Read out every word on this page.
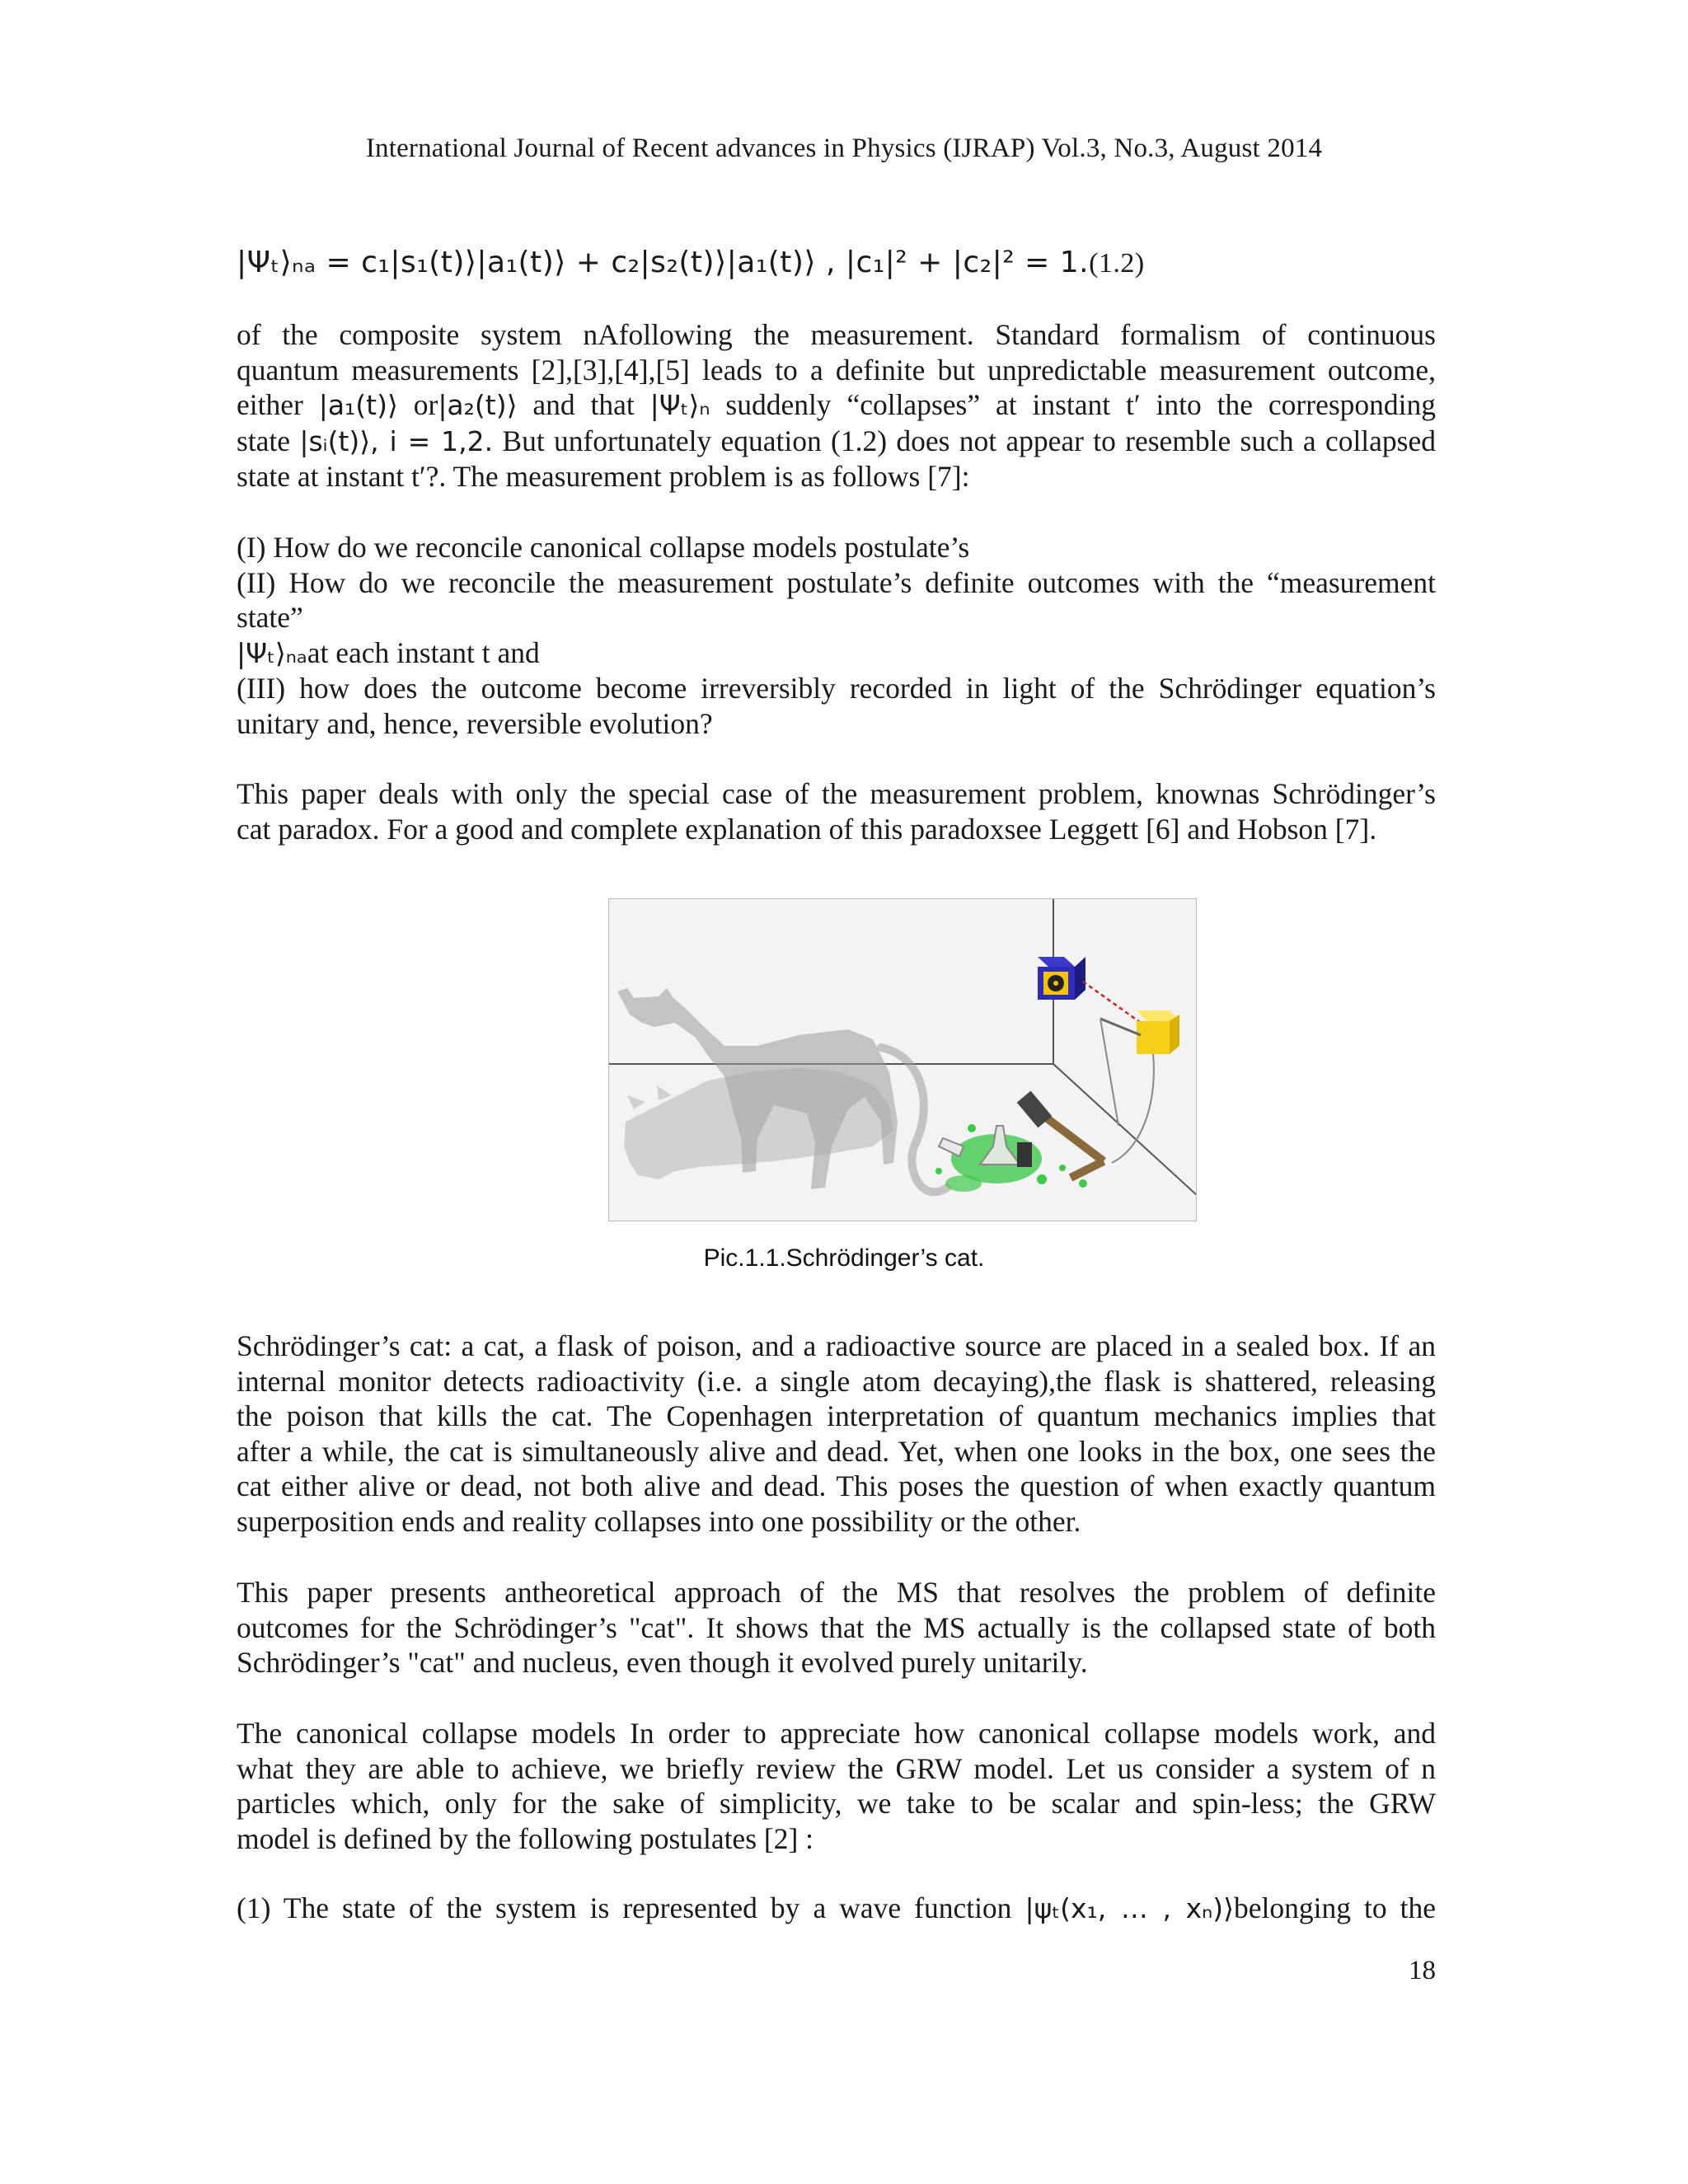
International Journal of Recent advances in Physics (IJRAP) Vol.3, No.3, August 2014
|Ψₜ⟩ₙₐ = c₁|s₁(t)⟩|a₁(t)⟩ + c₂|s₂(t)⟩|a₁(t)⟩ , |c₁|² + |c₂|² = 1.(1.2)
of the composite system nAfollowing the measurement. Standard formalism of continuous
quantum measurements [2],[3],[4],[5] leads to a definite but unpredictable measurement outcome,
either |a₁(t)⟩ or|a₂(t)⟩ and that |Ψₜ⟩ₙ suddenly “collapses” at instant t′ into the corresponding
state |sᵢ(t)⟩, i = 1,2. But unfortunately equation (1.2) does not appear to resemble such a collapsed
state at instant t′?. The measurement problem is as follows [7]:
(I) How do we reconcile canonical collapse models postulate’s
(II) How do we reconcile the measurement postulate’s definite outcomes with the “measurement
state”
|Ψₜ⟩ₙₐat each instant t and
(III) how does the outcome become irreversibly recorded in light of the Schrödinger equation’s
unitary and, hence, reversible evolution?
This paper deals with only the special case of the measurement problem, knownas Schrödinger’s
cat paradox. For a good and complete explanation of this paradoxsee Leggett [6] and Hobson [7].
Pic.1.1.Schrödinger’s cat.
Schrödinger’s cat: a cat, a flask of poison, and a radioactive source are placed in a sealed box. If an
internal monitor detects radioactivity (i.e. a single atom decaying),the flask is shattered, releasing
the poison that kills the cat. The Copenhagen interpretation of quantum mechanics implies that
after a while, the cat is simultaneously alive and dead. Yet, when one looks in the box, one sees the
cat either alive or dead, not both alive and dead. This poses the question of when exactly quantum
superposition ends and reality collapses into one possibility or the other.
This paper presents antheoretical approach of the MS that resolves the problem of definite
outcomes for the Schrödinger’s "cat". It shows that the MS actually is the collapsed state of both
Schrödinger’s "cat" and nucleus, even though it evolved purely unitarily.
The canonical collapse models In order to appreciate how canonical collapse models work, and
what they are able to achieve, we briefly review the GRW model. Let us consider a system of n
particles which, only for the sake of simplicity, we take to be scalar and spin-less; the GRW
model is defined by the following postulates [2] :
(1) The state of the system is represented by a wave function |ψₜ(x₁, … , xₙ)⟩belonging to the
18
